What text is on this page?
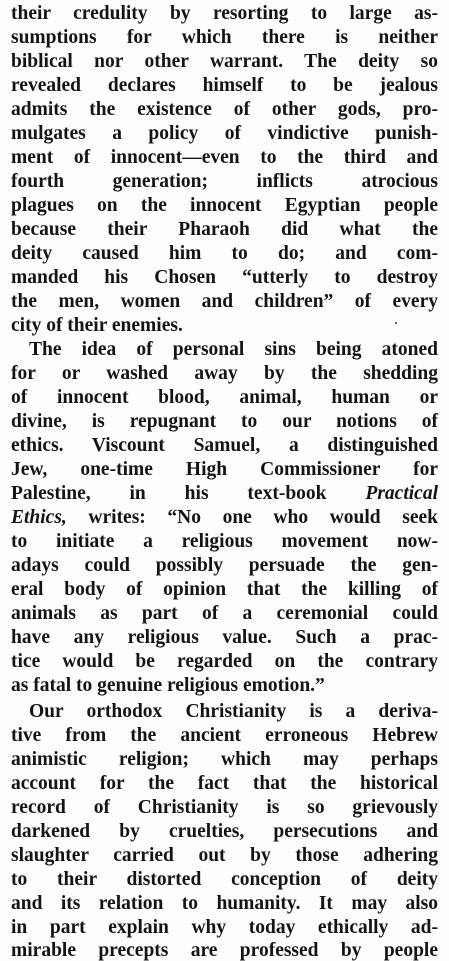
their credulity by resorting to large as-
sumptions for which there is neither
biblical nor other warrant. The deity so
revealed declares himself to be jealous
admits the existence of other gods, pro-
mulgates a policy of vindictive punish-
ment of innocent—even to the third and
fourth generation; inflicts atrocious
plagues on the innocent Egyptian people
because their Pharaoh did what the
deity caused him to do; and com-
manded his Chosen “utterly to destroy
the men, women and children” of every
city of their enemies.
The idea of personal sins being atoned
for or washed away by the shedding
of innocent blood, animal, human or
divine, is repugnant to our notions of
ethics. Viscount Samuel, a distinguished
Jew, one-time High Commissioner for
Palestine, in his text-book Practical
Ethics, writes: “No one who would seek
to initiate a religious movement now-
adays could possibly persuade the gen-
eral body of opinion that the killing of
animals as part of a ceremonial could
have any religious value. Such a prac-
tice would be regarded on the contrary
as fatal to genuine religious emotion.”
Our orthodox Christianity is a deriva-
tive from the ancient erroneous Hebrew
animistic religion; which may perhaps
account for the fact that the historical
record of Christianity is so grievously
darkened by cruelties, persecutions and
slaughter carried out by those adhering
to their distorted conception of deity
and its relation to humanity. It may also
in part explain why today ethically ad-
mirable precepts are professed by people
